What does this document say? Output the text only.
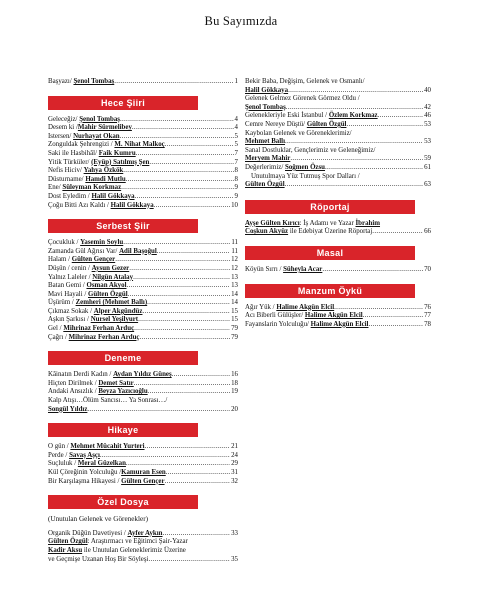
Bu Sayımızda
Başyazı/ Şenol Tombaş .....	1
Hece Şiiri
Geleceğiz/ Şenol Tombaş .....	4
Desem ki /Mahir Sürmelibey .....	4
Istersen/ Nurhayat Okan .....	5
Zonguldak Şehrengizi / M. Nihat Malkoç .....	5
Saki ile Hasbihâl/ Faik Kumru .....	7
Yitik Türküler/ (Eyüp) Satılmış Şen .....	7
Nefis Hiciv/ Yahya Özkök .....	8
Düsturname/ Hamdi Mutlu .....	8
Ene/ Süleyman Korkmaz .....	9
Dost Eyledim / Halil Gökkaya .....	9
Çoğu Bitti Azı Kaldı / Halil Gökkaya .....	10
Serbest Şiir
Çocukluk / Yasemin Soylu .....	11
Zamanda Gül Ağrısı Var/ Adil Başoğul .....	11
Halam / Gülten Gençer .....	12
Düşün / cenin / Aysun Gezer .....	12
Yalnız Laleler / Nilgün Atalay .....	13
Batan Gemi / Osman Akyol .....	13
Mavi Hayali / Gülten Özgül .....	14
Üşürüm / Zemheri (Mehmet Ballı) .....	14
Çıkmaz Sokak / Alper Akgündüz .....	15
Aşkın Şarkısı / Nursel Yeşilyurt .....	15
Gel / Mihrinaz Ferhan Arduç .....	79
Çağrı / Mihrinaz Ferhan Arduç .....	79
Deneme
Kâinatın Derdi Kadın / Aydan Yıldız Güneş .....	16
Hiçten Dirilmek / Demet Satır .....	18
Andaki Ansızlık / Beyza Yazıcıoğlu .....	19
Kalp Atışı…Ölüm Sancısı… Ya Sonrası…/
Songül Yıldız .....	20
Hikaye
O gün / Mehmet Mücahit Yurteri .....	21
Perde / Savaş Aşçı .....	24
Suçluluk / Meral Güzelkan .....	29
Kül Çöreğinin Yolculuğu /Kamuran Esen .....	31
Bir Karşılaşma Hikayesi / Gülten Gençer .....	32
Özel Dosya
(Unutulan Gelenek ve Görenekler)
Organik Düğün Davetiyesi / Ayfer Aykın .....	33
Gülten Özgül: Araştırmacı ve Eğitimci Şair-Yazar
Kadir Aksu ile Unutulan Geleneklerimiz Üzerine
ve Geçmişe Uzanan Hoş Bir Söyleşi .....	35
Bekir Baba, Değişim, Gelenek ve Osmanlı/
Halil Gökkaya .....	40
Gelenek Gelmez Görenek Görmez Oldu /
Şenol Tombaş .....	42
Gelenekleriyle Eski İstanbul / Özlem Korkmaz .....	46
Cemre Nereye Düştü/ Gülten Özgül .....	53
Kaybolan Gelenek ve Göreneklerimiz/
Mehmet Ballı .....	53
Sanal Dostluklar, Gençlerimiz ve Geleneğimiz/
Meryem Mahir .....	59
Değerlerimiz/ Soğmen Özsu .....	61
Unutulmaya Yüz Tutmuş Spor Dalları /
Gülten Özgül .....	63
Röportaj
Ayşe Gülten Kırıcı: İş Adamı ve Yazar İbrahim
Coşkun Akyüz ile Edebiyat Üzerine Röportaj .....	66
Masal
Köyün Sırrı / Süheyla Acar .....	70
Manzum Öykü
Ağır Yük / Halime Akgün Elcil .....	76
Acı Biberli Gülüşler/ Halime Akgün Elcil .....	77
Fayanslarin Yolculuğu/ Halime Akgün Elcil .....	78
